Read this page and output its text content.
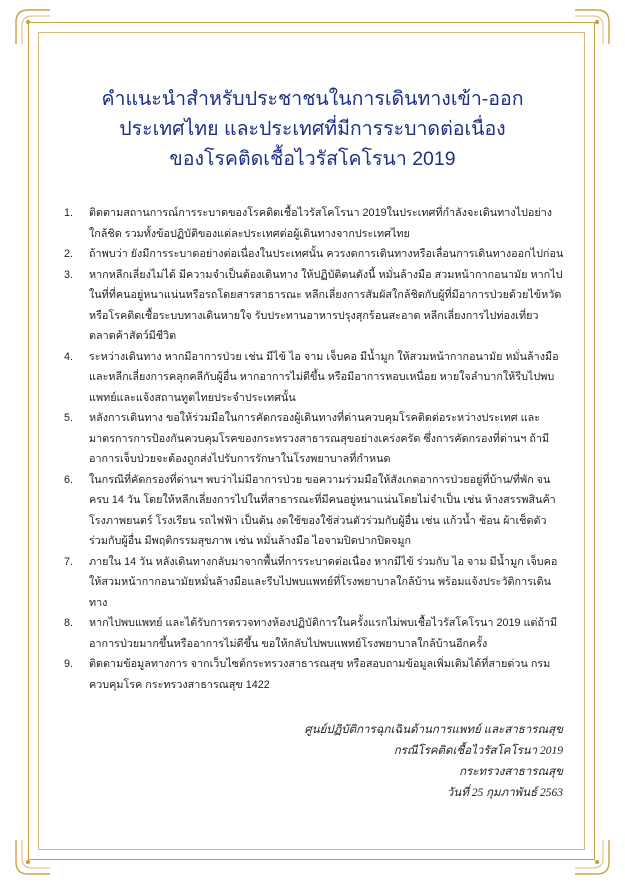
คำแนะนำสำหรับประชาชนในการเดินทางเข้า-ออก
ประเทศไทย และประเทศที่มีการระบาดต่อเนื่อง
ของโรคติดเชื้อไวรัสโคโรนา 2019
1. ติดตามสถานการณ์การระบาดของโรคติดเชื้อไวรัสโคโรนา 2019ในประเทศที่กำลังจะเดินทางไปอย่างใกล้ชิด รวมทั้งข้อปฏิบัติของแต่ละประเทศต่อผู้เดินทางจากประเทศไทย
2. ถ้าพบว่า ยังมีการระบาดอย่างต่อเนื่องในประเทศนั้น ควรงดการเดินทางหรือเลื่อนการเดินทางออกไปก่อน
3. หากหลีกเลี่ยงไม่ได้ มีความจำเป็นต้องเดินทาง ให้ปฏิบัติตนดังนี้ หมั่นล้างมือ สวมหน้ากากอนามัย หากไปในที่ที่คนอยู่หนาแน่นหรือรถโดยสารสาธารณะ หลีกเลี่ยงการสัมผัสใกล้ชิดกับผู้ที่มีอาการป่วยด้วยไข้หวัดหรือโรคติดเชื้อระบบทางเดินหายใจ รับประทานอาหารปรุงสุกร้อนสะอาด หลีกเลี่ยงการไปท่องเที่ยวตลาดค้าสัตว์มีชีวิต
4. ระหว่างเดินทาง หากมีอาการป่วย เช่น มีไข้ ไอ จาม เจ็บคอ มีน้ำมูก ให้สวมหน้ากากอนามัย หมั่นล้างมือ และหลีกเลี่ยงการคลุกคลีกับผู้อื่น หากอาการไม่ดีขึ้น หรือมีอาการหอบเหนื่อย หายใจลำบากให้รีบไปพบแพทย์และแจ้งสถานทูตไทยประจำประเทศนั้น
5. หลังการเดินทาง ขอให้ร่วมมือในการคัดกรองผู้เดินทางที่ด่านควบคุมโรคติดต่อระหว่างประเทศ และมาตรการการป้องกันควบคุมโรคของกระทรวงสาธารณสุขอย่างเคร่งครัด ซึ่งการคัดกรองที่ด่านฯ ถ้ามีอาการเจ็บป่วยจะต้องถูกส่งไปรับการรักษาในโรงพยาบาลที่กำหนด
6. ในกรณีที่คัดกรองที่ด่านฯ พบว่าไม่มีอาการป่วย ขอความร่วมมือให้สังเกตอาการป่วยอยู่ที่บ้าน/ที่พัก จนครบ 14 วัน โดยให้หลีกเลี่ยงการไปในที่สาธารณะที่มีคนอยู่หนาแน่นโดยไม่จำเป็น เช่น ห้างสรรพสินค้า โรงภาพยนตร์ โรงเรียน รถไฟฟ้า เป็นต้น งดใช้ของใช้ส่วนตัวร่วมกับผู้อื่น เช่น แก้วน้ำ ช้อน ผ้าเช็ดตัวร่วมกับผู้อื่น มีพฤติกรรมสุขภาพ เช่น หมั่นล้างมือ ไอจามปิดปากปิดจมูก
7. ภายใน 14 วัน หลังเดินทางกลับมาจากพื้นที่การระบาดต่อเนื่อง หากมีไข้ ร่วมกับ ไอ จาม มีน้ำมูก เจ็บคอ ให้สวมหน้ากากอนามัยหมั่นล้างมือและรีบไปพบแพทย์ที่โรงพยาบาลใกล้บ้าน พร้อมแจ้งประวัติการเดินทาง
8. หากไปพบแพทย์ และได้รับการตรวจทางห้องปฏิบัติการในครั้งแรกไม่พบเชื้อไวรัสโคโรนา 2019 แต่ถ้ามีอาการป่วยมากขึ้นหรืออาการไม่ดีขึ้น ขอให้กลับไปพบแพทย์โรงพยาบาลใกล้บ้านอีกครั้ง
9. ติดตามข้อมูลทางการ จากเว็บไซต์กระทรวงสาธารณสุข หรือสอบถามข้อมูลเพิ่มเติมได้ที่สายด่วน กรมควบคุมโรค กระทรวงสาธารณสุข 1422
ศูนย์ปฏิบัติการฉุกเฉินด้านการแพทย์ และสาธารณสุข
กรณีโรคติดเชื้อไวรัสโคโรนา 2019
กระทรวงสาธารณสุข
วันที่ 25 กุมภาพันธ์ 2563
